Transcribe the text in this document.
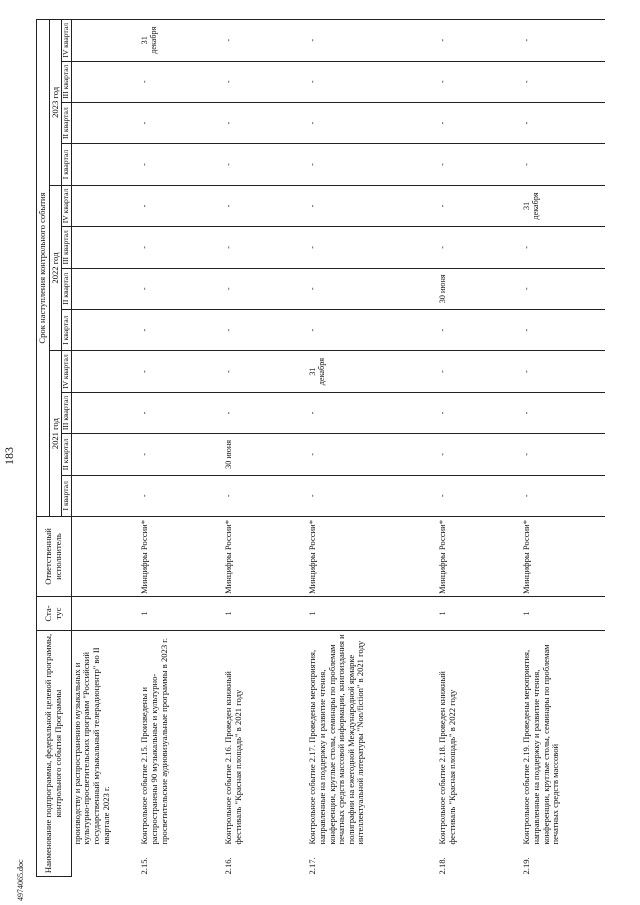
183
4974065.doc
Наименование подпрограммы, федеральной целевой программы, контрольного события Программы		Ста- тус	Ответственный исполнитель	Срок наступления контрольного события											
				2021 год				2022 год				2023 год			
				I квартал	II квартал	III квартал	IV квартал	I квартал	II квартал	III квартал	IV квартал	I квартал	II квартал	III квартал	IV квартал
	производству и распространению музыкальных и культурно-просветительских программ "Российский государственный музыкальный телерадиоцентр" во II квартале 2023 г.														
2.15.	Контрольное событие 2.15. Произведены и распространены 90 музыкальные и культурно-просветительские аудиовизуальные программы в 2023 г.	1	Минцифры России*	-	-	-	-	-	-	-	-	-	-	-	31 декабря
2.16.	Контрольное событие 2.16. Проведен книжный фестиваль "Красная площадь" в 2021 году	1	Минцифры России*	-	30 июня	-	-	-	-	-	-	-	-	-	-
2.17.	Контрольное событие 2.17. Проведены мероприятия, направленные на поддержку и развитие чтения, конференции, круглые столы, семинары по проблемам печатных средств массовой информации, книгоиздания и полиграфии на ежегодной Международной ярмарке интеллектуальной литературы "Non/fiction" в 2021 году	1	Минцифры России*	-	-	-	31 декабря	-	-	-	-	-	-	-	-
2.18.	Контрольное событие 2.18. Проведен книжный фестиваль "Красная площадь" в 2022 году	1	Минцифры России*	-	-	-	-	-	30 июня	-	-	-	-	-	-
2.19.	Контрольное событие 2.19. Проведены мероприятия, направленные на поддержку и развитие чтения, конференции, круглые столы, семинары по проблемам печатных средств массовой	1	Минцифры России*	-	-	-	-	-	-	-	31 декабря	-	-	-	-
